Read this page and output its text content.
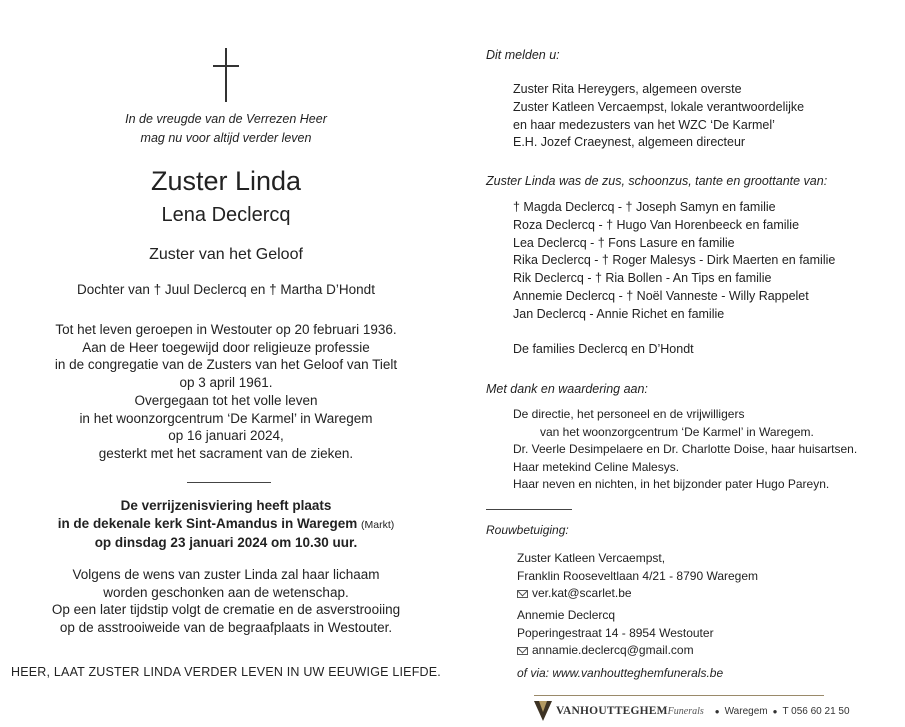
In de vreugde van de Verrezen Heer
mag nu voor altijd verder leven
Zuster Linda
Lena Declercq
Zuster van het Geloof
Dochter van † Juul Declercq en † Martha D’Hondt
Tot het leven geroepen in Westouter op 20 februari 1936.
Aan de Heer toegewijd door religieuze professie
in de congregatie van de Zusters van het Geloof van Tielt
op 3 april 1961.
Overgegaan tot het volle leven
in het woonzorgcentrum ‘De Karmel’ in Waregem
op 16 januari 2024,
gesterkt met het sacrament van de zieken.
De verrijzenisviering heeft plaats
in de dekenale kerk Sint-Amandus in Waregem (Markt)
op dinsdag 23 januari 2024 om 10.30 uur.
Volgens de wens van zuster Linda zal haar lichaam
worden geschonken aan de wetenschap.
Op een later tijdstip volgt de crematie en de asverstrooiing
op de asstrooiweide van de begraafplaats in Westouter.
HEER, LAAT ZUSTER LINDA VERDER LEVEN IN UW EEUWIGE LIEFDE.
Dit melden u:
Zuster Rita Hereygers, algemeen overste
Zuster Katleen Vercaempst, lokale verantwoordelijke
en haar medezusters van het WZC ‘De Karmel’
E.H. Jozef Craeynest, algemeen directeur
Zuster Linda was de zus, schoonzus, tante en groottante van:
† Magda Declercq - † Joseph Samyn en familie
Roza Declercq - † Hugo Van Horenbeeck en familie
Lea Declercq - † Fons Lasure en familie
Rika Declercq - † Roger Malesys - Dirk Maerten en familie
Rik Declercq - † Ria Bollen - An Tips en familie
Annemie Declercq - † Noël Vanneste - Willy Rappelet
Jan Declercq - Annie Richet en familie
De families Declercq en D’Hondt
Met dank en waardering aan:
De directie, het personeel en de vrijwilligers
van het woonzorgcentrum ‘De Karmel’ in Waregem.
Dr. Veerle Desimpelaere en Dr. Charlotte Doise, haar huisartsen.
Haar metekind Celine Malesys.
Haar neven en nichten, in het bijzonder pater Hugo Pareyn.
Rouwbetuiging:
Zuster Katleen Vercaempst,
Franklin Rooseveltlaan 4/21 - 8790 Waregem
ver.kat@scarlet.be
Annemie Declercq
Poperingestraat 14 - 8954 Westouter
annamie.declercq@gmail.com
of via: www.vanhoutteghemfunerals.be
VANHOUTTEGHEM Funerals ● Waregem ● T 056 60 21 50
